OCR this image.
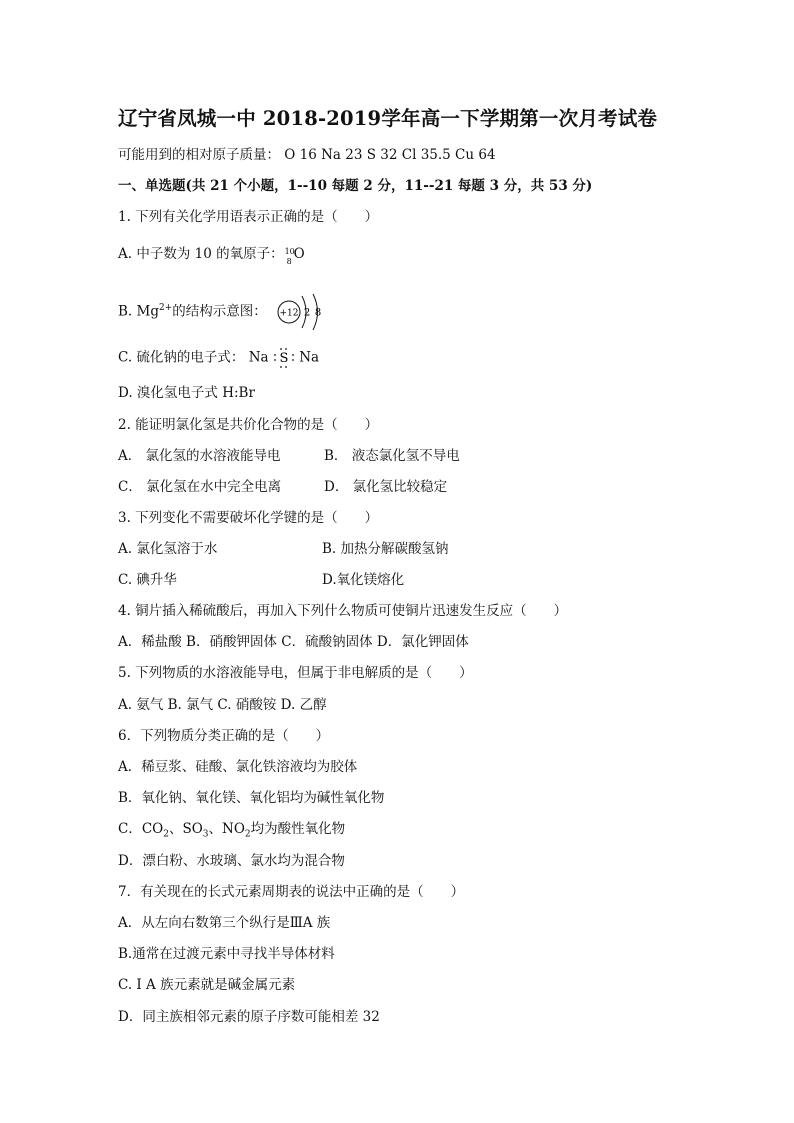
辽宁省凤城一中 2018-2019学年高一下学期第一次月考试卷
可能用到的相对原子质量： O 16 Na 23 S 32 Cl 35.5 Cu 64
一、单选题(共 21 个小题，1--10 每题 2 分，11--21 每题 3 分，共 53 分)
1. 下列有关化学用语表示正确的是（　　）
A. 中子数为 10 的氧原子： 10
8 O
B. $Mg^{2+}$的结构示意图： +12 2 8
C. 硫化钠的电子式： Na S Na
D. 溴化氢电子式 H:Br
2. 能证明氯化氢是共价化合物的是（　　）
A． 氯化氢的水溶液能导电	B． 液态氯化氢不导电
C． 氯化氢在水中完全电离	D． 氯化氢比较稳定
3. 下列变化不需要破坏化学键的是（　　）
A. 氯化氢溶于水	B. 加热分解碳酸氢钠
C. 碘升华	D.氧化镁熔化
4. 铜片插入稀硫酸后，再加入下列什么物质可使铜片迅速发生反应（　　）
A．稀盐酸 B．硝酸钾固体 C．硫酸钠固体 D．氯化钾固体
5. 下列物质的水溶液能导电，但属于非电解质的是（　　）
A. 氨气 B. 氯气 C. 硝酸铵 D. 乙醇
6．下列物质分类正确的是（　　）
A．稀豆浆、硅酸、氯化铁溶液均为胶体
B．氧化钠、氧化镁、氧化铝均为碱性氧化物
C．$CO_2$、$SO_3$、$NO_2$均为酸性氧化物
D．漂白粉、水玻璃、氯水均为混合物
7．有关现在的长式元素周期表的说法中正确的是（　　）
A．从左向右数第三个纵行是ⅢA 族
B.通常在过渡元素中寻找半导体材料
C. Ⅰ A 族元素就是碱金属元素
D．同主族相邻元素的原子序数可能相差 32
